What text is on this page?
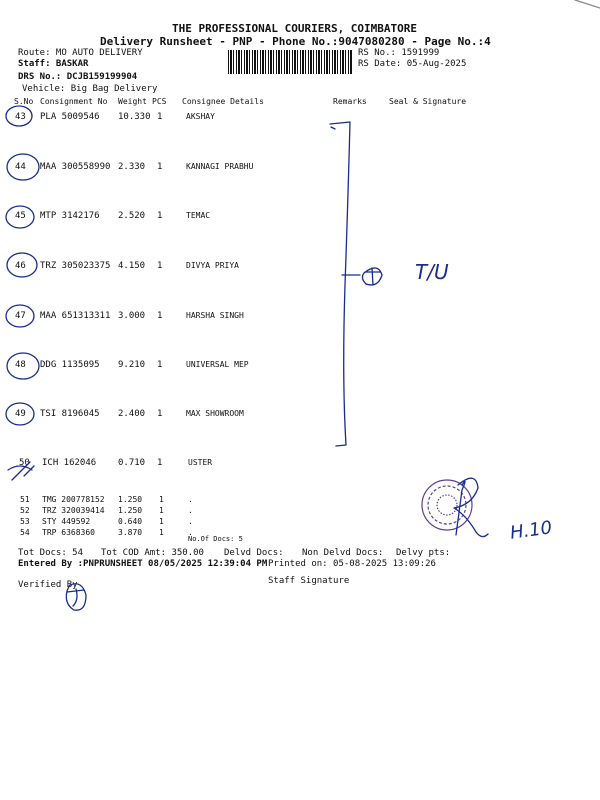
THE PROFESSIONAL COURIERS, COIMBATORE
Delivery Runsheet - PNP - Phone No.:9047080280 - Page No.:4
Route: MO AUTO DELIVERY
Staff: BASKAR
DRS No.: DCJB159199904
Vehicle: Big Bag Delivery
RS No.: 1591999
RS Date: 05-Aug-2025
S.No Consignment No Weight PCS Consignee Details	Remarks	Seal & Signature
43 PLA 5009546 10.330 1	AKSHAY
44 MAA 300558990 2.330 1	KANNAGI PRABHU
45 MTP 3142176 2.520 1	TEMAC
46 TRZ 305023375 4.150 1	DIVYA PRIYA
47 MAA 651313311 3.000 1	HARSHA SINGH
48 DDG 1135095 9.210 1	UNIVERSAL MEP
49 TSI 8196045 2.400 1	MAX SHOWROOM
50 ICH 162046 0.710 1	USTER
51 TMG 200778152 1.250 1	.
52 TRZ 320039414 1.250 1	.
53 STY 449592	0.640 1	.
54 TRP 6368360	3.870 1	.
No.Of Docs: 5
Tot Docs: 54 Tot COD Amt: 350.00 Delvd Docs: Non Delvd Docs: Delvy pts:
Entered By :PNPRUNSHEET 08/05/2025 12:39:04 PM Printed on: 05-08-2025 13:09:26
Verified By	Staff Signature
T/U
H.10
